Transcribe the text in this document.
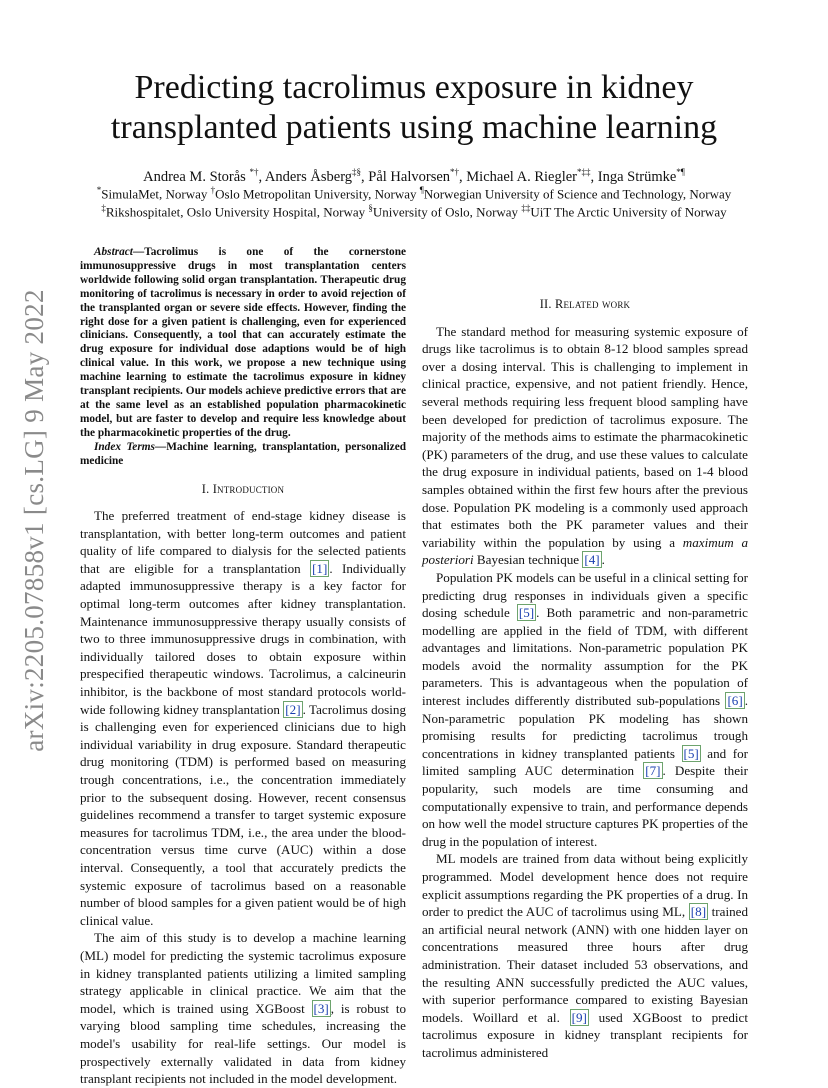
arXiv:2205.07858v1 [cs.LG] 9 May 2022
Predicting tacrolimus exposure in kidney
transplanted patients using machine learning
Andrea M. Storås *†, Anders Åsberg‡§, Pål Halvorsen*†, Michael A. Riegler*‡‡, Inga Strümke*¶
*SimulaMet, Norway †Oslo Metropolitan University, Norway ¶Norwegian University of Science and Technology, Norway
‡Rikshospitalet, Oslo University Hospital, Norway §University of Oslo, Norway ‡‡UiT The Arctic University of Norway

Abstract—Tacrolimus is one of the cornerstone immunosuppressive drugs in most transplantation centers worldwide following solid organ transplantation. Therapeutic drug monitoring of tacrolimus is necessary in order to avoid rejection of the transplanted organ or severe side effects. However, finding the right dose for a given patient is challenging, even for experienced clinicians. Consequently, a tool that can accurately estimate the drug exposure for individual dose adaptions would be of high clinical value. In this work, we propose a new technique using machine learning to estimate the tacrolimus exposure in kidney transplant recipients. Our models achieve predictive errors that are at the same level as an established population pharmacokinetic model, but are faster to develop and require less knowledge about the pharmacokinetic properties of the drug.

Index Terms—Machine learning, transplantation, personalized medicine

I. Introduction

The preferred treatment of end-stage kidney disease is transplantation, with better long-term outcomes and patient quality of life compared to dialysis for the selected patients that are eligible for a transplantation [1] . Individually adapted immunosuppressive therapy is a key factor for optimal long-term outcomes after kidney transplantation. Maintenance immunosuppressive therapy usually consists of two to three immunosuppressive drugs in combination, with individually tailored doses to obtain exposure within prespecified therapeutic windows. Tacrolimus, a calcineurin inhibitor, is the backbone of most standard protocols world-wide following kidney transplantation [2] . Tacrolimus dosing is challenging even for experienced clinicians due to high individual variability in drug exposure. Standard therapeutic drug monitoring (TDM) is performed based on measuring trough concentrations, i.e., the concentration immediately prior to the subsequent dosing. However, recent consensus guidelines recommend a transfer to target systemic exposure measures for tacrolimus TDM, i.e., the area under the blood-concentration versus time curve (AUC) within a dose interval. Consequently, a tool that accurately predicts the systemic exposure of tacrolimus based on a reasonable number of blood samples for a given patient would be of high clinical value.

The aim of this study is to develop a machine learning (ML) model for predicting the systemic tacrolimus exposure in kidney transplanted patients utilizing a limited sampling strategy applicable in clinical practice. We aim that the model, which is trained using XGBoost [3] , is robust to varying blood sampling time schedules, increasing the model's usability for real-life settings. Our model is prospectively externally validated in data from kidney transplant recipients not included in the model development.

II. Related work

The standard method for measuring systemic exposure of drugs like tacrolimus is to obtain 8-12 blood samples spread over a dosing interval. This is challenging to implement in clinical practice, expensive, and not patient friendly. Hence, several methods requiring less frequent blood sampling have been developed for prediction of tacrolimus exposure. The majority of the methods aims to estimate the pharmacokinetic (PK) parameters of the drug, and use these values to calculate the drug exposure in individual patients, based on 1-4 blood samples obtained within the first few hours after the previous dose. Population PK modeling is a commonly used approach that estimates both the PK parameter values and their variability within the population by using a maximum a posteriori Bayesian technique [4] .

Population PK models can be useful in a clinical setting for predicting drug responses in individuals given a specific dosing schedule [5] . Both parametric and non-parametric modelling are applied in the field of TDM, with different advantages and limitations. Non-parametric population PK models avoid the normality assumption for the PK parameters. This is advantageous when the population of interest includes differently distributed sub-populations [6] . Non-parametric population PK modeling has shown promising results for predicting tacrolimus trough concentrations in kidney transplanted patients [5] and for limited sampling AUC determination [7] . Despite their popularity, such models are time consuming and computationally expensive to train, and performance depends on how well the model structure captures PK properties of the drug in the population of interest.

ML models are trained from data without being explicitly programmed. Model development hence does not require explicit assumptions regarding the PK properties of a drug. In order to predict the AUC of tacrolimus using ML, [8] trained an artificial neural network (ANN) with one hidden layer on concentrations measured three hours after drug administration. Their dataset included 53 observations, and the resulting ANN successfully predicted the AUC values, with superior performance compared to existing Bayesian models. Woillard et al. [9] used XGBoost to predict tacrolimus exposure in kidney transplant recipients for tacrolimus administered
